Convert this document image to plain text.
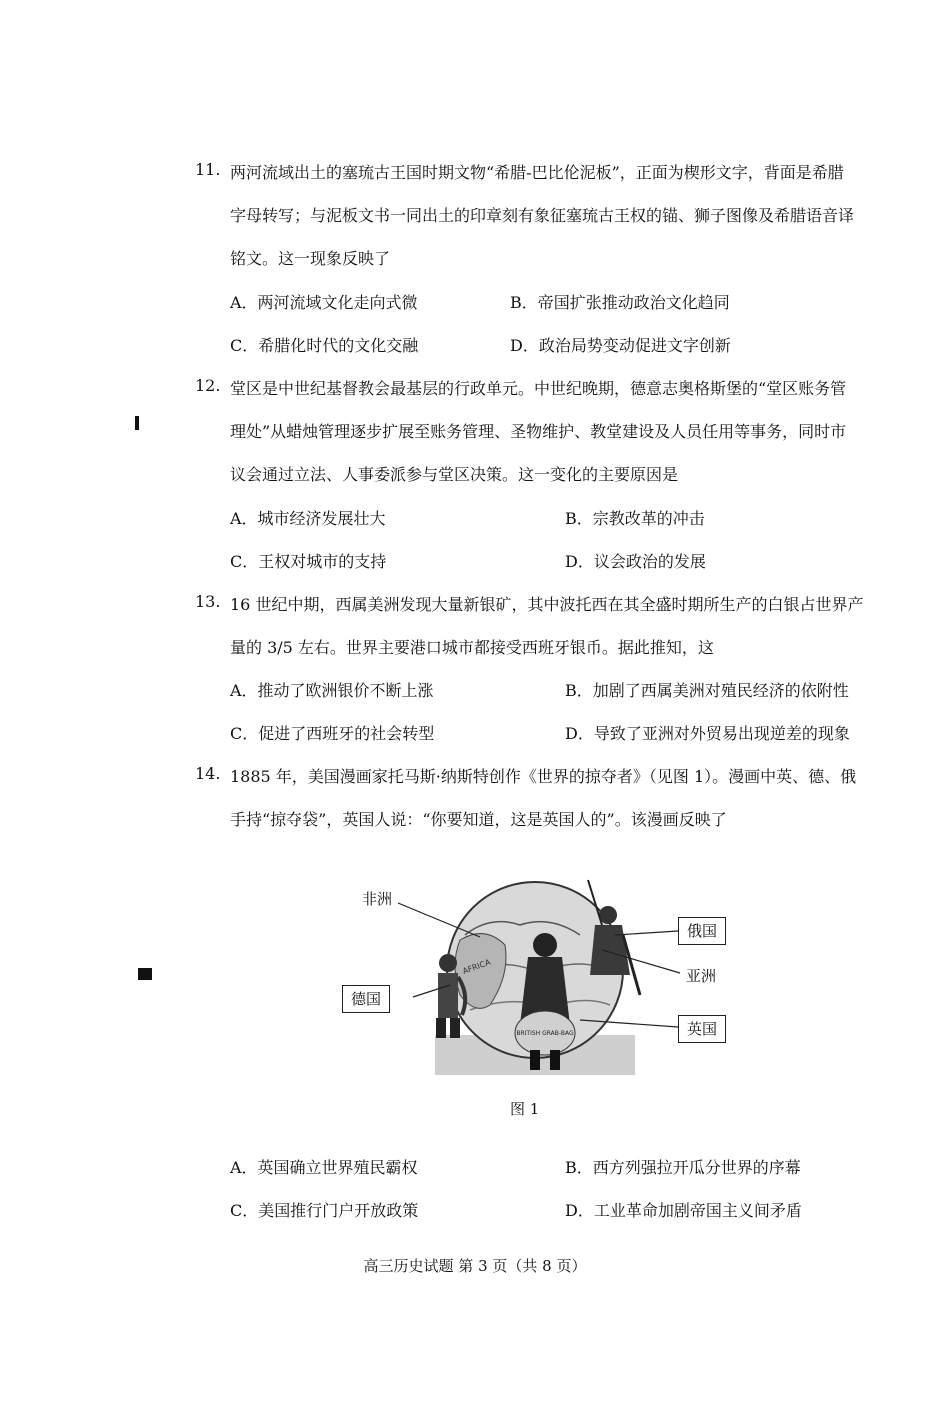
11. 两河流域出土的塞琉古王国时期文物“希腊-巴比伦泥板”，正面为楔形文字，背面是希腊
字母转写；与泥板文书一同出土的印章刻有象征塞琉古王权的锚、狮子图像及希腊语音译
铭文。这一现象反映了
A．两河流域文化走向式微	B．帝国扩张推动政治文化趋同
C．希腊化时代的文化交融	D．政治局势变动促进文字创新
12. 堂区是中世纪基督教会最基层的行政单元。中世纪晚期，德意志奥格斯堡的“堂区账务管
理处”从蜡烛管理逐步扩展至账务管理、圣物维护、教堂建设及人员任用等事务，同时市
议会通过立法、人事委派参与堂区决策。这一变化的主要原因是
A．城市经济发展壮大	B．宗教改革的冲击
C．王权对城市的支持	D．议会政治的发展
13. 16 世纪中期，西属美洲发现大量新银矿，其中波托西在其全盛时期所生产的白银占世界产
量的 3/5 左右。世界主要港口城市都接受西班牙银币。据此推知，这
A．推动了欧洲银价不断上涨	B．加剧了西属美洲对殖民经济的依附性
C．促进了西班牙的社会转型	D．导致了亚洲对外贸易出现逆差的现象
14. 1885 年，美国漫画家托马斯·纳斯特创作《世界的掠夺者》（见图 1）。漫画中英、德、俄
手持“掠夺袋”，英国人说：“你要知道，这是英国人的”。该漫画反映了
AFRICA
BRITISH GRAB-BAG
非洲
俄国
亚洲
德国
英国
图 1
A．英国确立世界殖民霸权	B．西方列强拉开瓜分世界的序幕
C．美国推行门户开放政策	D．工业革命加剧帝国主义间矛盾
高三历史试题 第 3 页（共 8 页）
